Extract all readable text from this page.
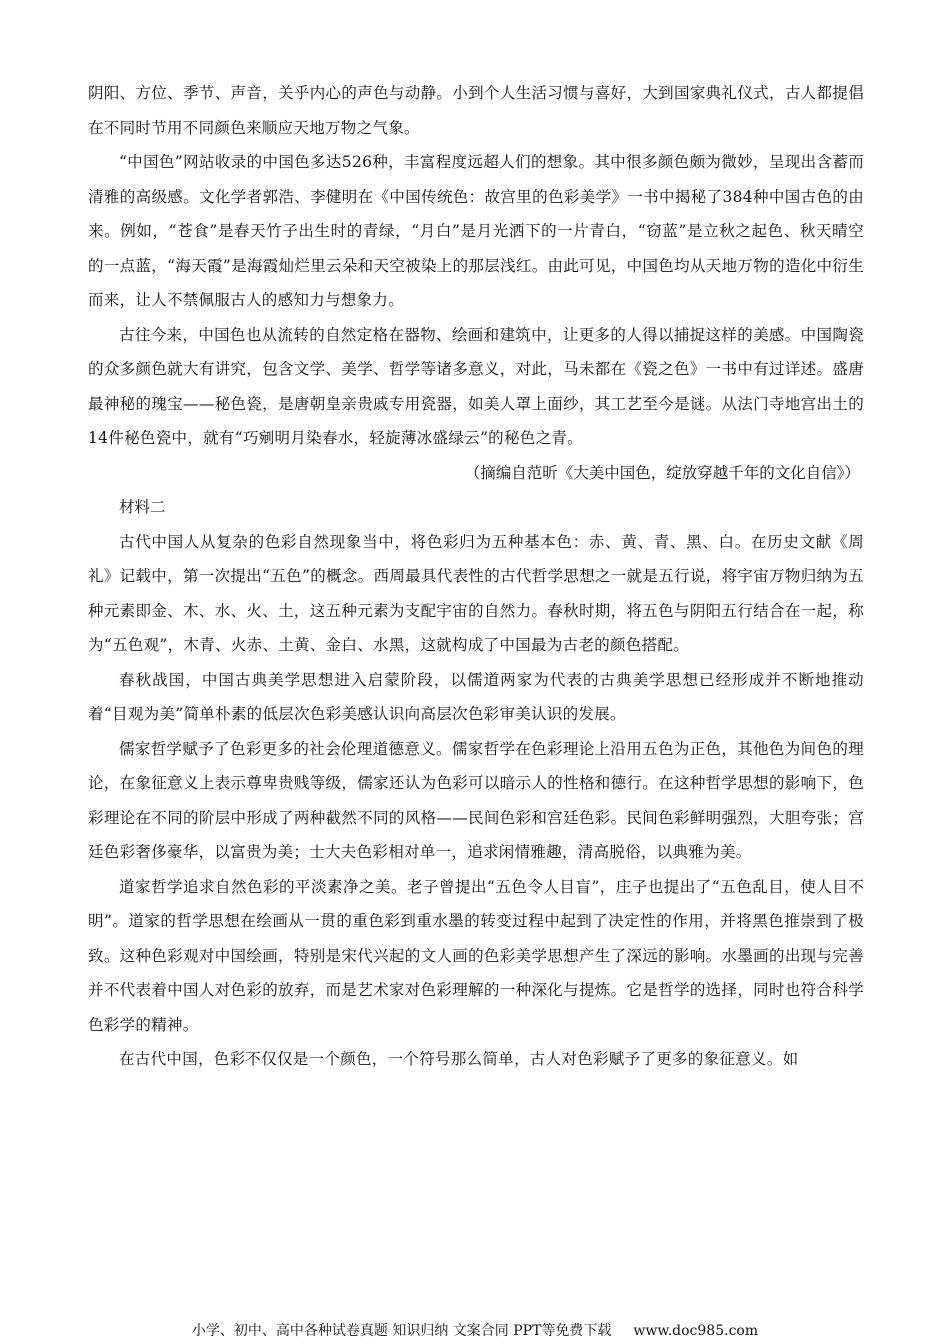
阴阳、方位、季节、声音，关乎内心的声色与动静。小到个人生活习惯与喜好，大到国家典礼仪式，古人都提倡在不同时节用不同颜色来顺应天地万物之气象。

“中国色”网站收录的中国色多达526种，丰富程度远超人们的想象。其中很多颜色颇为微妙，呈现出含蓄而清雅的高级感。文化学者郭浩、李健明在《中国传统色：故宫里的色彩美学》一书中揭秘了384种中国古色的由来。例如，“苍食”是春天竹子出生时的青绿，“月白”是月光洒下的一片青白，“窃蓝”是立秋之起色、秋天晴空的一点蓝，“海天霞”是海霞灿烂里云朵和天空被染上的那层浅红。由此可见，中国色均从天地万物的造化中衍生而来，让人不禁佩服古人的感知力与想象力。

古往今来，中国色也从流转的自然定格在器物、绘画和建筑中，让更多的人得以捕捉这样的美感。中国陶瓷的众多颜色就大有讲究，包含文学、美学、哲学等诸多意义，对此，马未都在《瓷之色》一书中有过详述。盛唐最神秘的瑰宝——秘色瓷，是唐朝皇亲贵戚专用瓷器，如美人罩上面纱，其工艺至今是谜。从法门寺地宫出土的14件秘色瓷中，就有“巧剜明月染春水，轻旋薄冰盛绿云”的秘色之青。

（摘编自范昕《大美中国色，绽放穿越千年的文化自信》）

材料二

古代中国人从复杂的色彩自然现象当中，将色彩归为五种基本色：赤、黄、青、黑、白。在历史文献《周礼》记载中，第一次提出“五色”的概念。西周最具代表性的古代哲学思想之一就是五行说，将宇宙万物归纳为五种元素即金、木、水、火、土，这五种元素为支配宇宙的自然力。春秋时期，将五色与阴阳五行结合在一起，称为“五色观”，木青、火赤、土黄、金白、水黑，这就构成了中国最为古老的颜色搭配。

春秋战国，中国古典美学思想进入启蒙阶段，以儒道两家为代表的古典美学思想已经形成并不断地推动着“目观为美”简单朴素的低层次色彩美感认识向高层次色彩审美认识的发展。

儒家哲学赋予了色彩更多的社会伦理道德意义。儒家哲学在色彩理论上沿用五色为正色，其他色为间色的理论，在象征意义上表示尊卑贵贱等级，儒家还认为色彩可以暗示人的性格和德行。在这种哲学思想的影响下，色彩理论在不同的阶层中形成了两种截然不同的风格——民间色彩和宫廷色彩。民间色彩鲜明强烈，大胆夸张；宫廷色彩奢侈豪华，以富贵为美；士大夫色彩相对单一，追求闲情雅趣，清高脱俗，以典雅为美。

道家哲学追求自然色彩的平淡素净之美。老子曾提出“五色令人目盲”，庄子也提出了“五色乱目，使人目不明”。道家的哲学思想在绘画从一贯的重色彩到重水墨的转变过程中起到了决定性的作用，并将黑色推崇到了极致。这种色彩观对中国绘画，特别是宋代兴起的文人画的色彩美学思想产生了深远的影响。水墨画的出现与完善并不代表着中国人对色彩的放弃，而是艺术家对色彩理解的一种深化与提炼。它是哲学的选择，同时也符合科学色彩学的精神。

在古代中国，色彩不仅仅是一个颜色，一个符号那么简单，古人对色彩赋予了更多的象征意义。如

小学、初中、高中各种试卷真题 知识归纳 文案合同 PPT等免费下载 www.doc985.com
